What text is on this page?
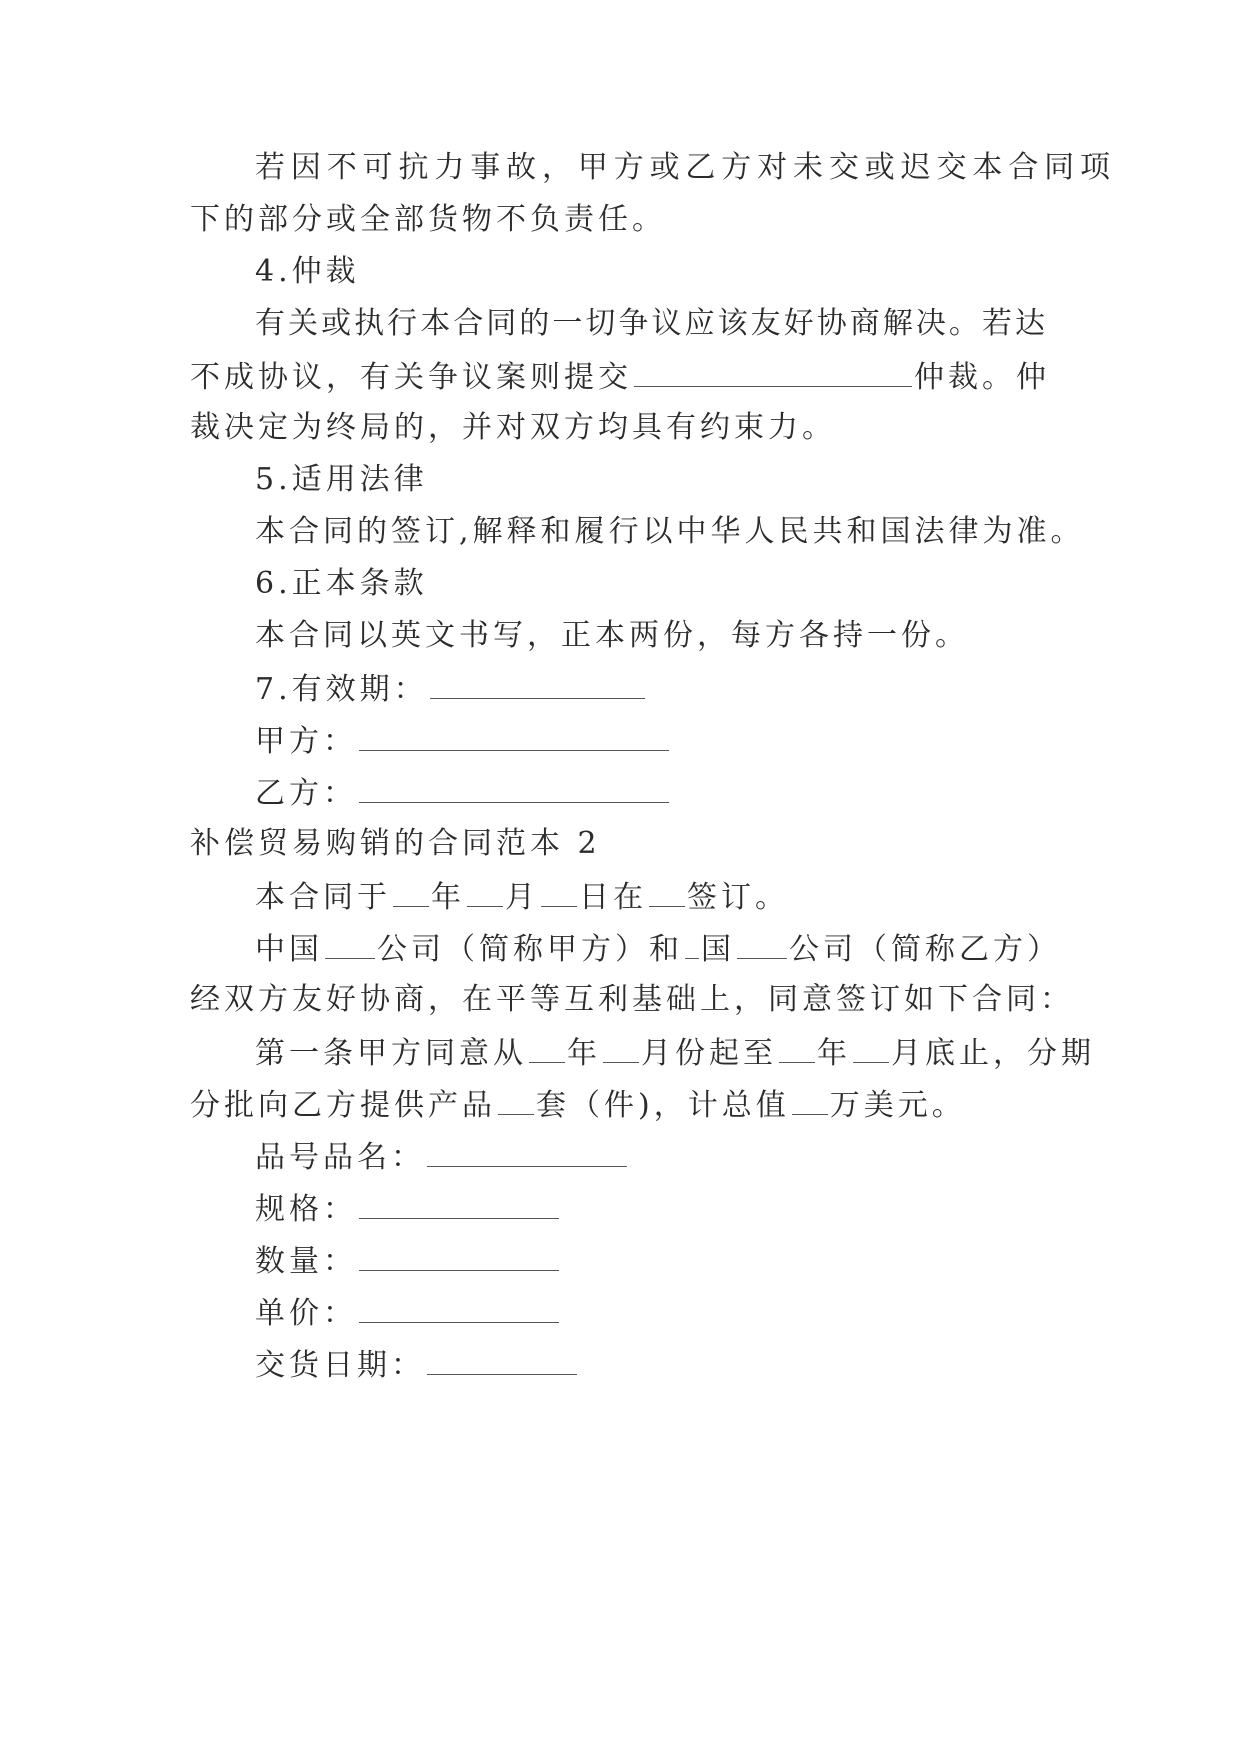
若因不可抗力事故，甲方或乙方对未交或迟交本合同项
下的部分或全部货物不负责任。
4.仲裁
有关或执行本合同的一切争议应该友好协商解决。若达
不成协议，有关争议案则提交	仲裁。仲
裁决定为终局的，并对双方均具有约束力。
5.适用法律
本合同的签订,解释和履行以中华人民共和国法律为准。
6.正本条款
本合同以英文书写，正本两份，每方各持一份。
7.有效期：
甲方：
乙方：
补偿贸易购销的合同范本 2
本合同于 年 月 日在 签订。
中国 公司（简称甲方）和 国 公司（简称乙方）
经双方友好协商，在平等互利基础上，同意签订如下合同：
第一条甲方同意从 年 月份起至 年 月底止，分期
分批向乙方提供产品 套（件)，计总值 万美元。
品号品名：
规格：
数量：
单价：
交货日期：
